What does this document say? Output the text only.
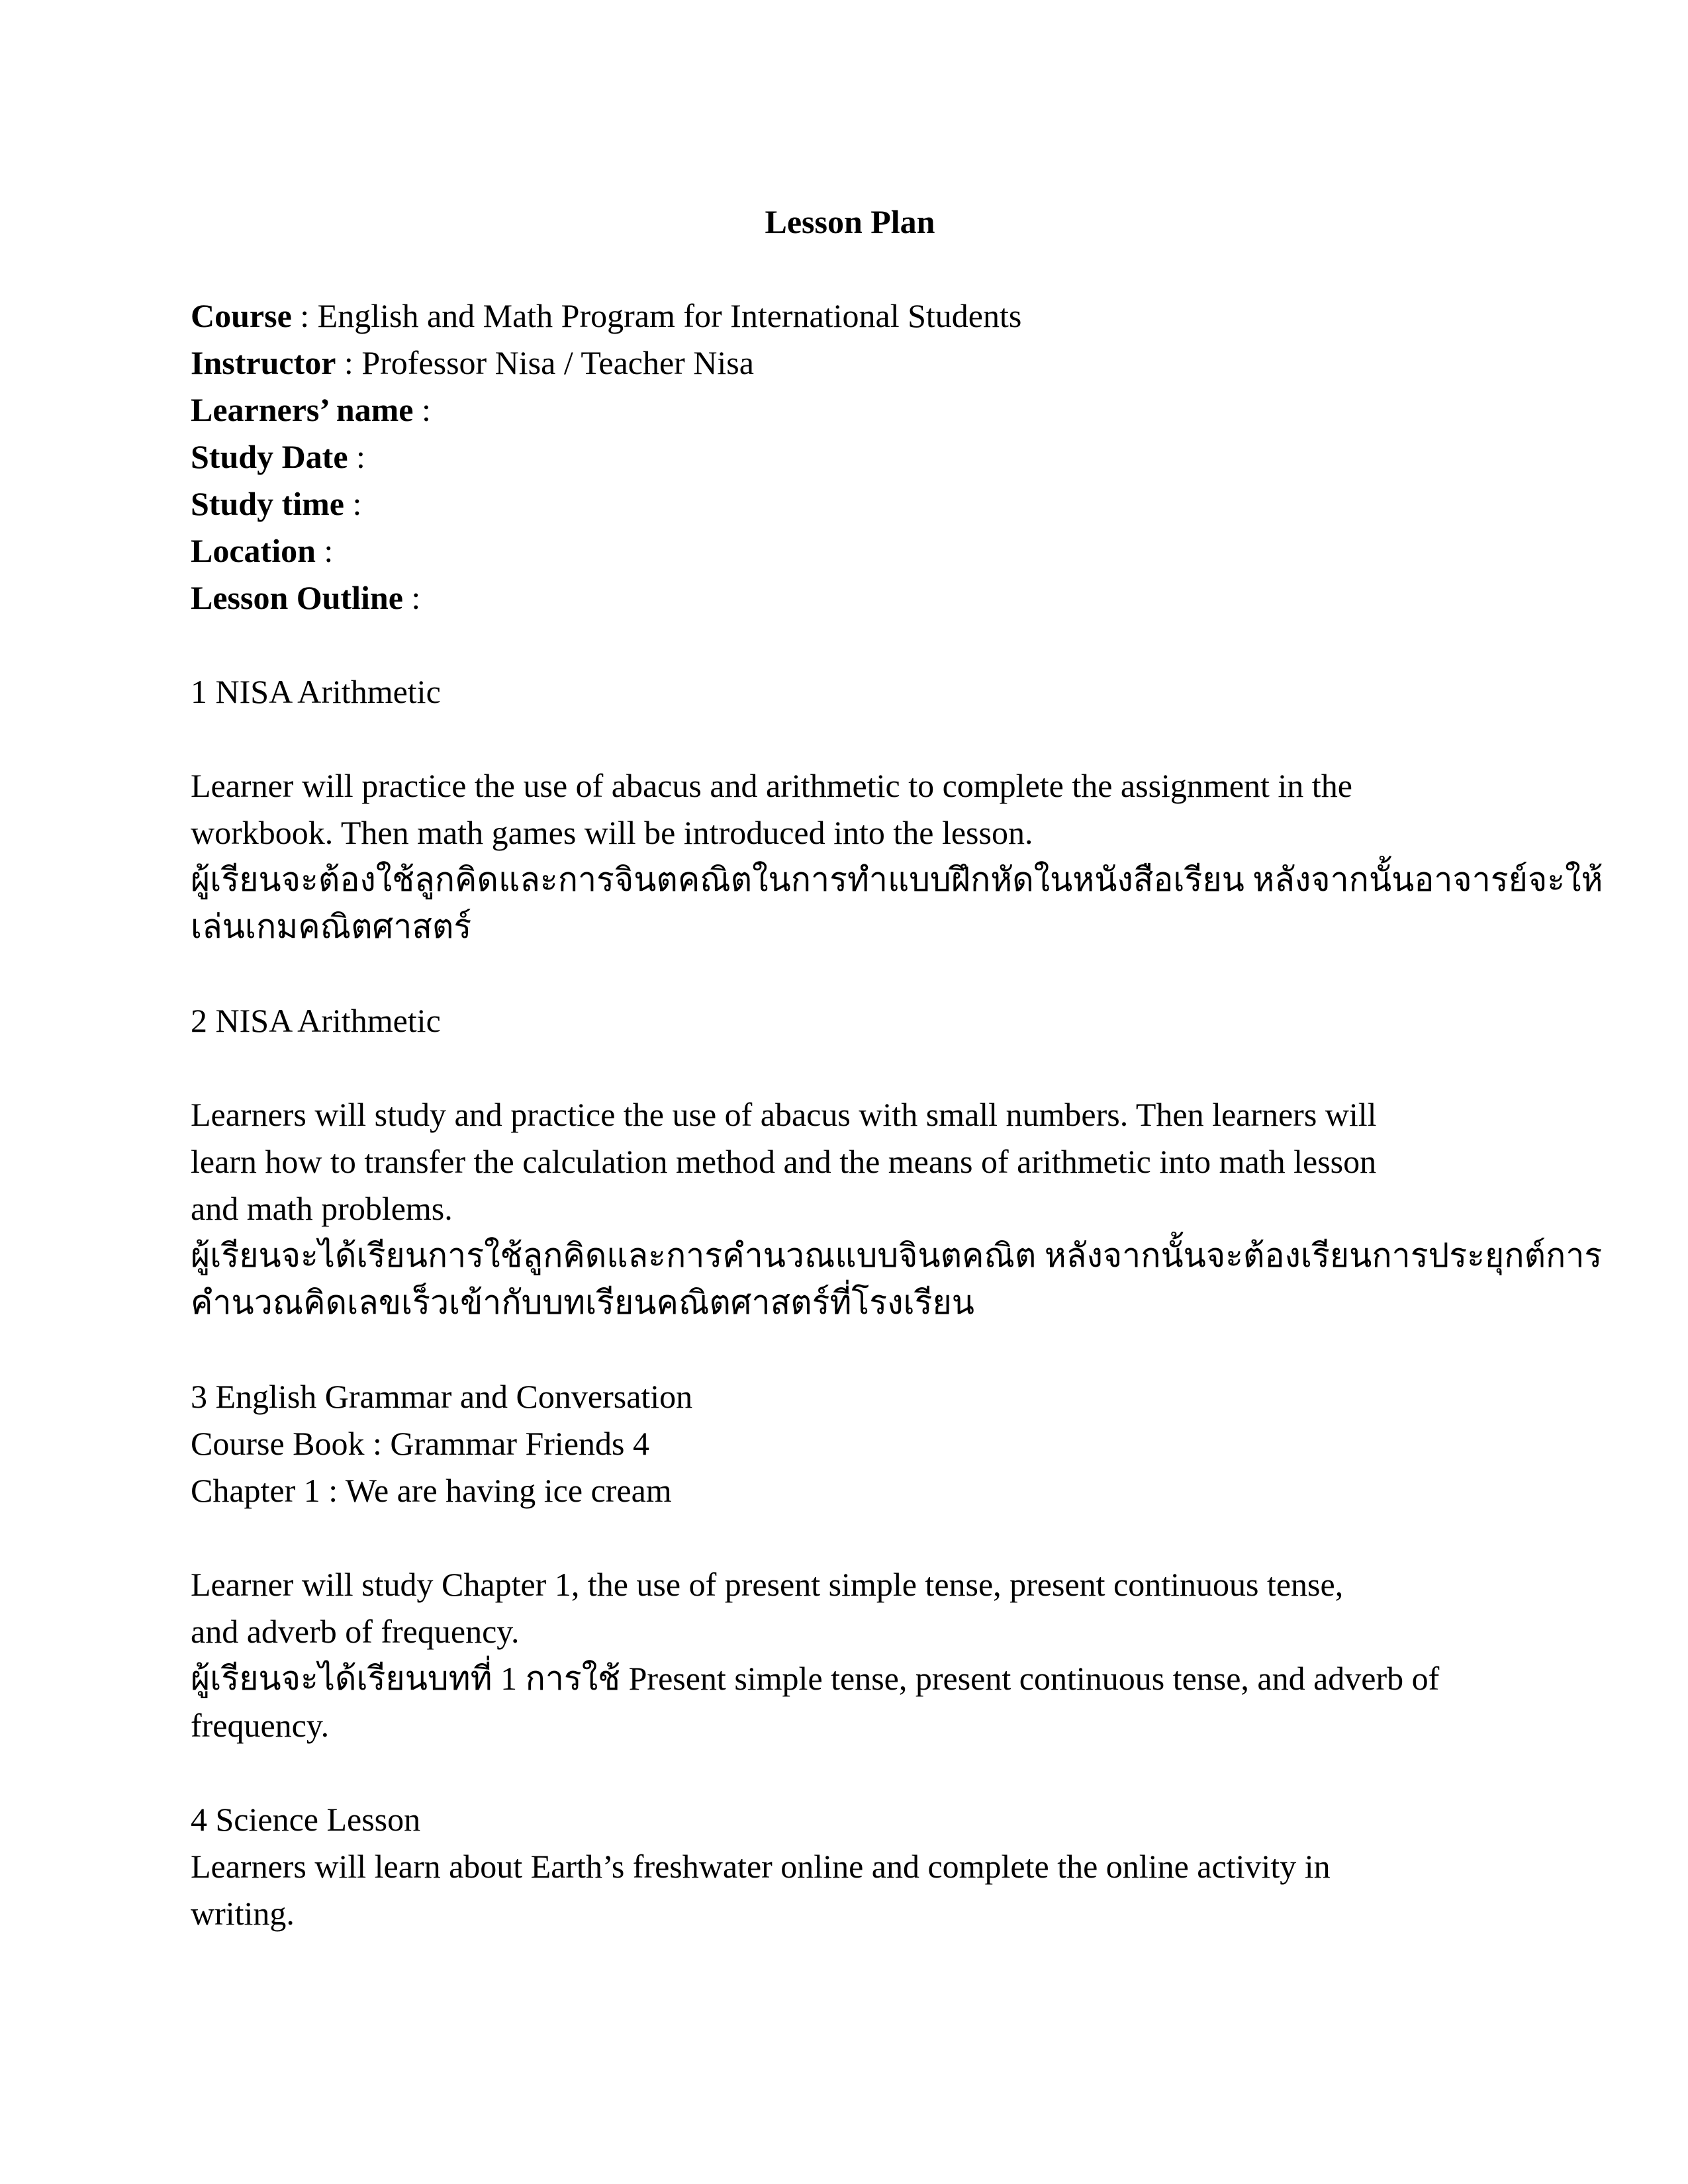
Lesson Plan
Course : English and Math Program for International Students
Instructor : Professor Nisa / Teacher Nisa
Learners’ name :
Study Date :
Study time :
Location :
Lesson Outline :
1 NISA Arithmetic
Learner will practice the use of abacus and arithmetic to complete the assignment in the
workbook. Then math games will be introduced into the lesson.
ผู้เรียนจะต้องใช้ลูกคิดและการจินตคณิตในการทำแบบฝึกหัดในหนังสือเรียน หลังจากนั้นอาจารย์จะให้
เล่นเกมคณิตศาสตร์
2 NISA Arithmetic
Learners will study and practice the use of abacus with small numbers. Then learners will
learn how to transfer the calculation method and the means of arithmetic into math lesson
and math problems.
ผู้เรียนจะได้เรียนการใช้ลูกคิดและการคำนวณแบบจินตคณิต หลังจากนั้นจะต้องเรียนการประยุกต์การ
คำนวณคิดเลขเร็วเข้ากับบทเรียนคณิตศาสตร์ที่โรงเรียน
3 English Grammar and Conversation
Course Book : Grammar Friends 4
Chapter 1 : We are having ice cream
Learner will study Chapter 1, the use of present simple tense, present continuous tense,
and adverb of frequency.
ผู้เรียนจะได้เรียนบทที่ 1 การใช้ Present simple tense, present continuous tense, and adverb of
frequency.
4 Science Lesson
Learners will learn about Earth’s freshwater online and complete the online activity in
writing.
